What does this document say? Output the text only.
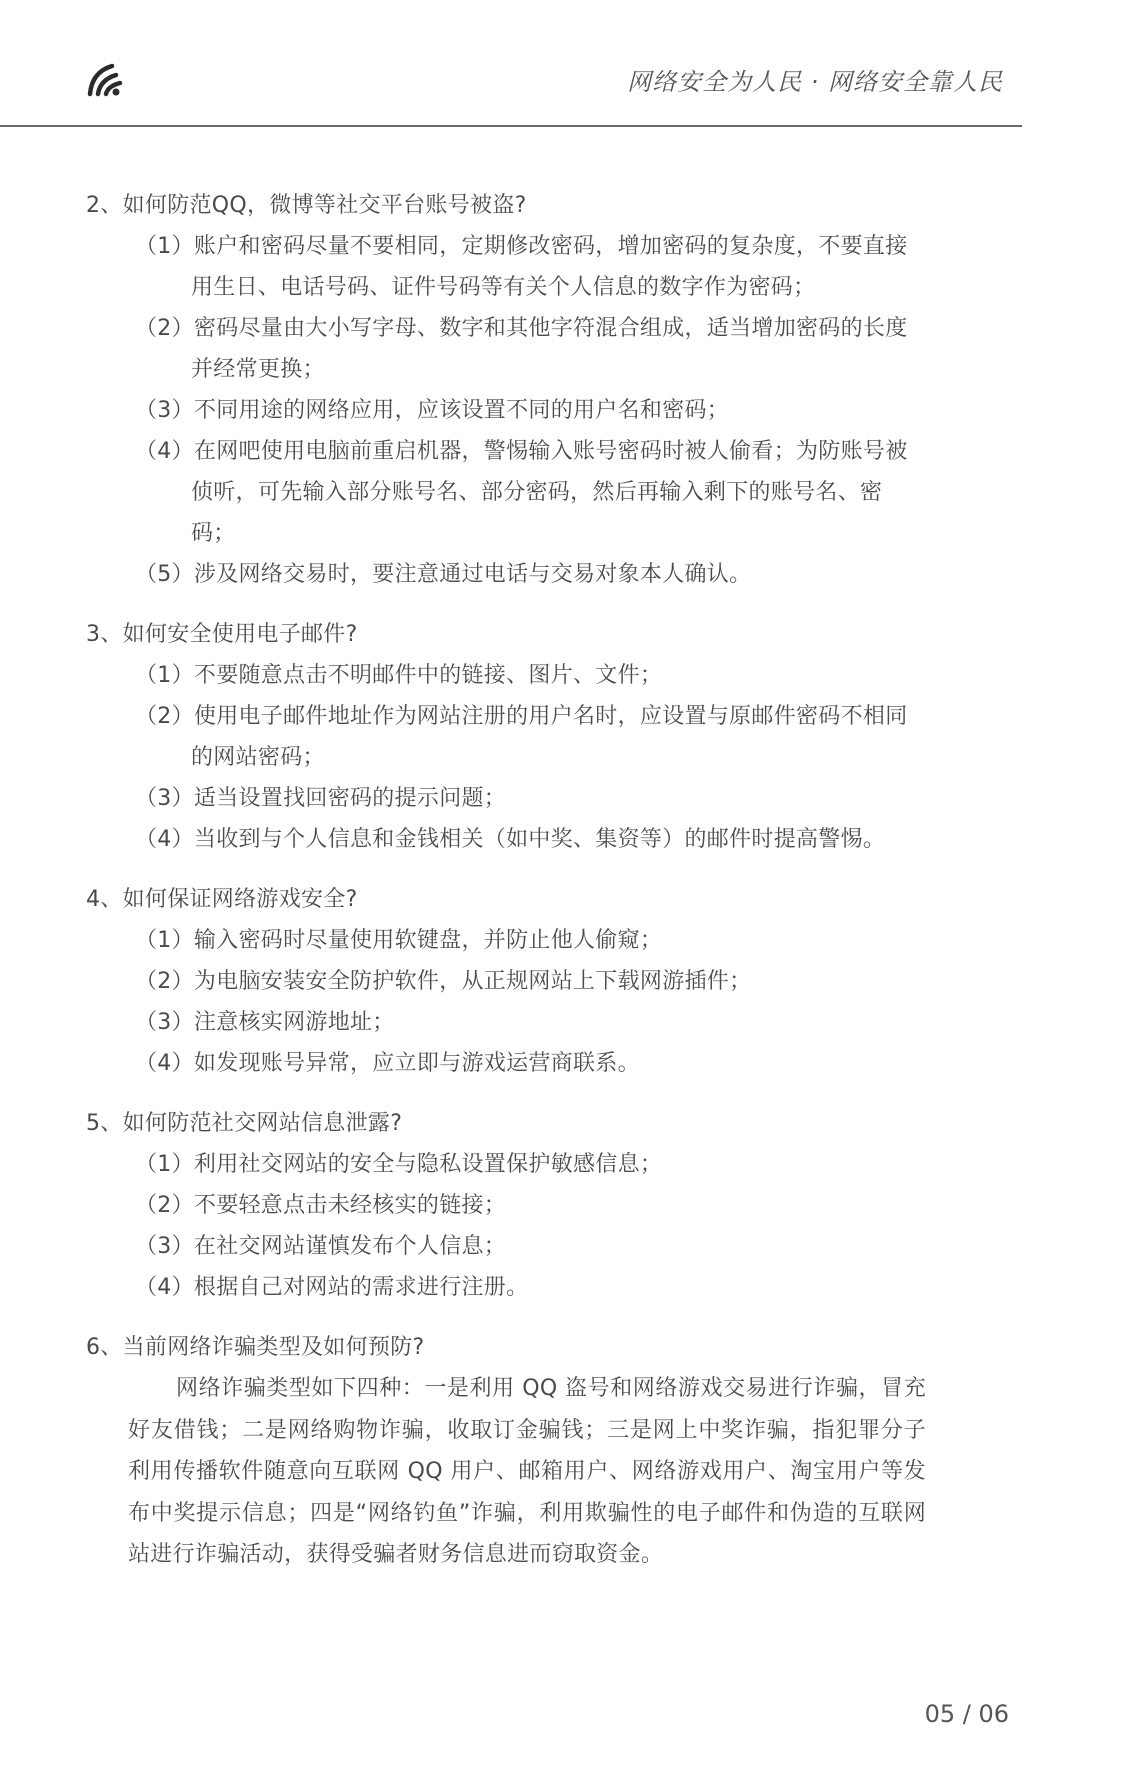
网络安全为人民 · 网络安全靠人民
2、如何防范QQ，微博等社交平台账号被盗?
（1）账户和密码尽量不要相同，定期修改密码，增加密码的复杂度，不要直接用生日、电话号码、证件号码等有关个人信息的数字作为密码；
（2）密码尽量由大小写字母、数字和其他字符混合组成，适当增加密码的长度并经常更换；
（3）不同用途的网络应用，应该设置不同的用户名和密码；
（4）在网吧使用电脑前重启机器，警惕输入账号密码时被人偷看；为防账号被侦听，可先输入部分账号名、部分密码，然后再输入剩下的账号名、密码；
（5）涉及网络交易时，要注意通过电话与交易对象本人确认。
3、如何安全使用电子邮件?
（1）不要随意点击不明邮件中的链接、图片、文件；
（2）使用电子邮件地址作为网站注册的用户名时，应设置与原邮件密码不相同的网站密码；
（3）适当设置找回密码的提示问题；
（4）当收到与个人信息和金钱相关（如中奖、集资等）的邮件时提高警惕。
4、如何保证网络游戏安全?
（1）输入密码时尽量使用软键盘，并防止他人偷窥；
（2）为电脑安装安全防护软件，从正规网站上下载网游插件；
（3）注意核实网游地址；
（4）如发现账号异常，应立即与游戏运营商联系。
5、如何防范社交网站信息泄露?
（1）利用社交网站的安全与隐私设置保护敏感信息；
（2）不要轻意点击未经核实的链接；
（3）在社交网站谨慎发布个人信息；
（4）根据自己对网站的需求进行注册。
6、当前网络诈骗类型及如何预防?
网络诈骗类型如下四种：一是利用 QQ 盗号和网络游戏交易进行诈骗，冒充好友借钱；二是网络购物诈骗，收取订金骗钱；三是网上中奖诈骗，指犯罪分子利用传播软件随意向互联网 QQ 用户、邮箱用户、网络游戏用户、淘宝用户等发布中奖提示信息；四是“网络钓鱼”诈骗，利用欺骗性的电子邮件和伪造的互联网站进行诈骗活动，获得受骗者财务信息进而窃取资金。
05 / 06
